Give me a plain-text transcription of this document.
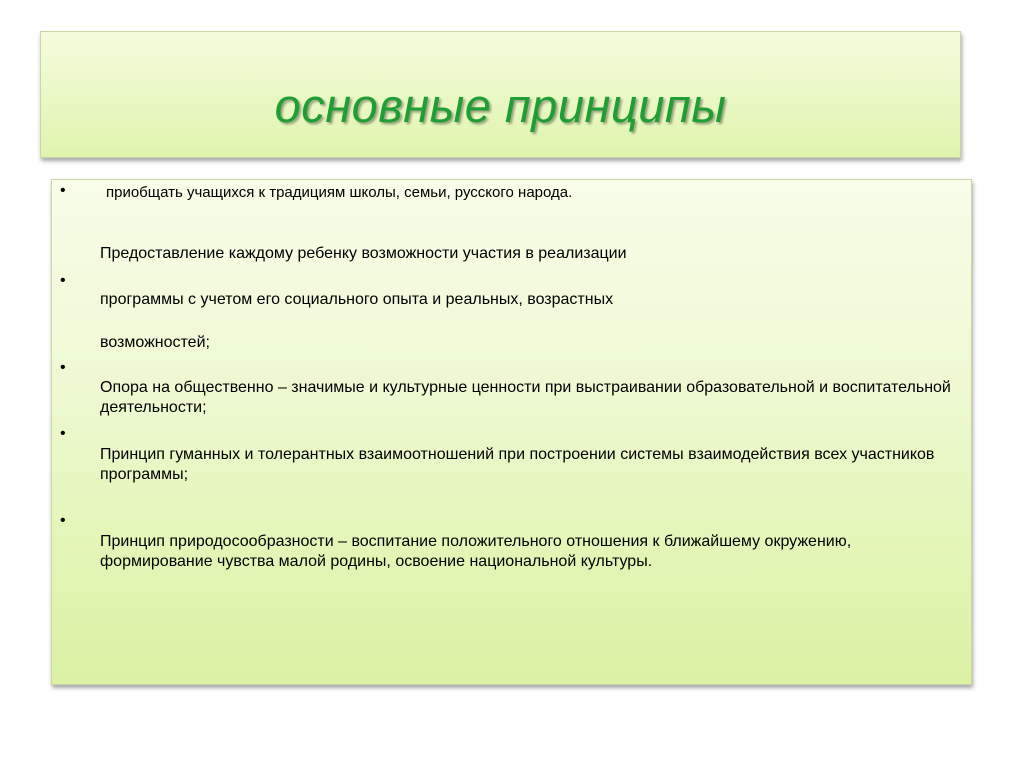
основные принципы
•
•
•
•
•
приобщать учащихся к традициям школы, семьи, русского народа.
Предоставление каждому ребенку возможности участия в реализации
программы с учетом его социального опыта и реальных, возрастных
возможностей;
Опора на общественно – значимые и культурные ценности при выстраивании образовательной и воспитательной деятельности;
Принцип гуманных и толерантных взаимоотношений при построении системы взаимодействия всех участников программы;
Принцип природосообразности – воспитание положительного отношения к ближайшему окружению, формирование чувства малой родины, освоение национальной культуры.
